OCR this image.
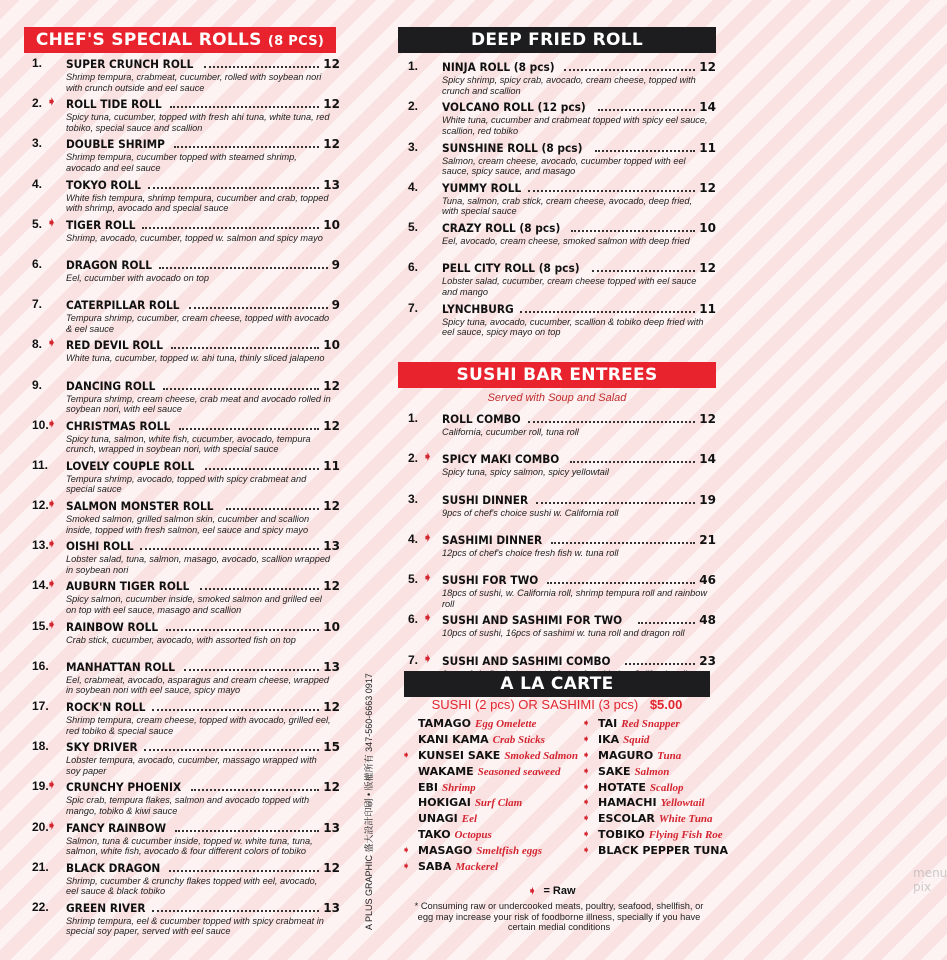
CHEF'S SPECIAL ROLLS (8 PCS)
1. SUPER CRUNCH ROLL	12
Shrimp tempura, crabmeat, cucumber, rolled with soybean nori with crunch outside and eel sauce
2. ➧ ROLL TIDE ROLL	12
Spicy tuna, cucumber, topped with fresh ahi tuna, white tuna, red tobiko, special sauce and scallion
3. DOUBLE SHRIMP	12
Shrimp tempura, cucumber topped with steamed shrimp, avocado and eel sauce
4. TOKYO ROLL	13
White fish tempura, shrimp tempura, cucumber and crab, topped with shrimp, avocado and special sauce
5. ➧ TIGER ROLL	10
Shrimp, avocado, cucumber, topped w. salmon and spicy mayo
6. DRAGON ROLL	9
Eel, cucumber with avocado on top
7. CATERPILLAR ROLL	9
Tempura shrimp, cucumber, cream cheese, topped with avocado & eel sauce
8. ➧ RED DEVIL ROLL	10
White tuna, cucumber, topped w. ahi tuna, thinly sliced jalapeno
9. DANCING ROLL	12
Tempura shrimp, cream cheese, crab meat and avocado rolled in soybean nori, with eel sauce
10.
➧ CHRISTMAS ROLL	12
Spicy tuna, salmon, white fish, cucumber, avocado, tempura crunch, wrapped in soybean nori, with special sauce
11. LOVELY COUPLE ROLL	11
Tempura shrimp, avocado, topped with spicy crabmeat and special sauce
12.
➧ SALMON MONSTER ROLL	12
Smoked salmon, grilled salmon skin, cucumber and scallion inside, topped with fresh salmon, eel sauce and spicy mayo
13.
➧ OISHI ROLL	13
Lobster salad, tuna, salmon, masago, avocado, scallion wrapped in soybean nori
14.
➧ AUBURN TIGER ROLL	12
Spicy salmon, cucumber inside, smoked salmon and grilled eel on top with eel sauce, masago and scallion
15.
➧ RAINBOW ROLL	10
Crab stick, cucumber, avocado, with assorted fish on top
16. MANHATTAN ROLL	13
Eel, crabmeat, avocado, asparagus and cream cheese, wrapped in soybean nori with eel sauce, spicy mayo
17. ROCK'N ROLL	12
Shrimp tempura, cream cheese, topped with avocado, grilled eel, red tobiko & special sauce
18. SKY DRIVER	15
Lobster tempura, avocado, cucumber, massago wrapped with soy paper
19.
➧ CRUNCHY PHOENIX	12
Spic crab, tempura flakes, salmon and avocado topped with mango, tobiko & kiwi sauce
20.
➧ FANCY RAINBOW	13
Salmon, tuna & cucumber inside, topped w. white tuna, tuna, salmon, white fish, avocado & four different colors of tobiko
21. BLACK DRAGON	12
Shrimp, cucumber & crunchy flakes topped with eel, avocado, eel sauce & black tobiko
22. GREEN RIVER	13
Shrimp tempura, eel & cucumber topped with spicy crabmeat in special soy paper, served with eel sauce
DEEP FRIED ROLL
1. NINJA ROLL (8 pcs)	12
Spicy shrimp, spicy crab, avocado, cream cheese, topped with crunch and scallion
2. VOLCANO ROLL (12 pcs)	14
White tuna, cucumber and crabmeat topped with spicy eel sauce, scallion, red tobiko
3. SUNSHINE ROLL (8 pcs)	11
Salmon, cream cheese, avocado, cucumber topped with eel sauce, spicy sauce, and masago
4. YUMMY ROLL	12
Tuna, salmon, crab stick, cream cheese, avocado, deep fried, with special sauce
5. CRAZY ROLL (8 pcs)	10
Eel, avocado, cream cheese, smoked salmon with deep fried
6. PELL CITY ROLL (8 pcs)	12
Lobster salad, cucumber, cream cheese topped with eel sauce and mango
7. LYNCHBURG	11
Spicy tuna, avocado, cucumber, scallion & tobiko deep fried with eel sauce, spicy mayo on top
SUSHI BAR ENTREES
Served with Soup and Salad
1. ROLL COMBO	12
California, cucumber roll, tuna roll
2. ➧ SPICY MAKI COMBO	14
Spicy tuna, spicy salmon, spicy yellowtail
3. SUSHI DINNER	19
9pcs of chef's choice sushi w. California roll
4. ➧ SASHIMI DINNER	21
12pcs of chef's choice fresh fish w. tuna roll
5. ➧ SUSHI FOR TWO	46
18pcs of sushi, w. California roll, shrimp tempura roll and rainbow roll
6. ➧ SUSHI AND SASHIMI FOR TWO	48
10pcs of sushi, 16pcs of sashimi w. tuna roll and dragon roll
7. ➧ SUSHI AND SASHIMI COMBO	23
A LA CARTE
SUSHI (2 pcs) OR SASHIMI (3 pcs) $5.00
TAMAGO Egg Omelette
KANI KAMA Crab Sticks
➧ KUNSEI SAKE Smoked Salmon
WAKAME Seasoned seaweed
EBI Shrimp
HOKIGAI Surf Clam
UNAGI Eel
TAKO Octopus
➧ MASAGO Smeltfish eggs
➧ SABA Mackerel
➧ TAI Red Snapper
➧ IKA Squid
➧ MAGURO Tuna
➧ SAKE Salmon
➧ HOTATE Scallop
➧ HAMACHI Yellowtail
➧ ESCOLAR White Tuna
➧ TOBIKO Flying Fish Roe
➧ BLACK PEPPER TUNA
➧ = Raw
* Consuming raw or undercooked meats, poultry, seafood, shellfish, or egg may increase your risk of foodborne illness, specially if you have certain medial conditions
menu pix
A PLUS GRAPHIC 盛大設計印刷 • 版權所有 347-560-6663 0917
